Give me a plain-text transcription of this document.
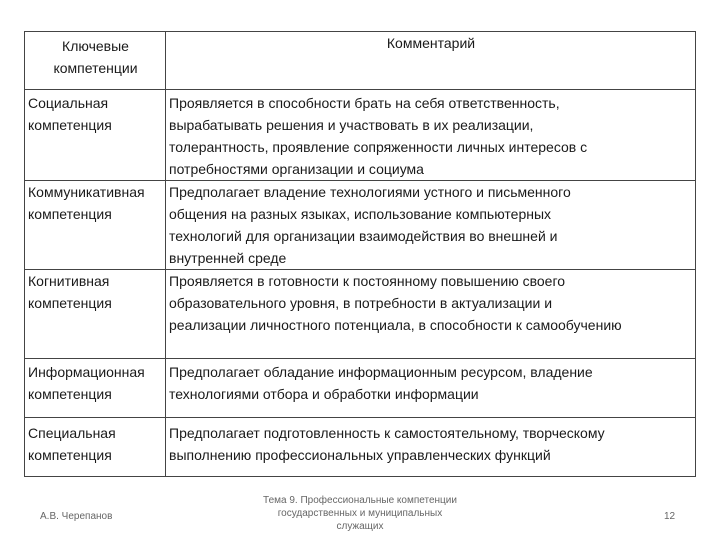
Ключевые
компетенции	Комментарий

Социальная
компетенция	Проявляется в способности брать на себя ответственность,
вырабатывать решения и участвовать в их реализации,
толерантность, проявление сопряженности личных интересов с
потребностями организации и социума

Коммуникативная
компетенция	Предполагает владение технологиями устного и письменного
общения на разных языках, использование компьютерных
технологий для организации взаимодействия во внешней и
внутренней среде

Когнитивная
компетенция	Проявляется в готовности к постоянному повышению своего
образовательного уровня, в потребности в актуализации и
реализации личностного потенциала, в способности к самообучению

Информационная
компетенция	Предполагает обладание информационным ресурсом, владение
технологиями отбора и обработки информации

Специальная
компетенция	Предполагает подготовленность к самостоятельному, творческому
выполнению профессиональных управленческих функций
А.В. Черепанов
Тема 9. Профессиональные компетенции
государственных и муниципальных
служащих
12
